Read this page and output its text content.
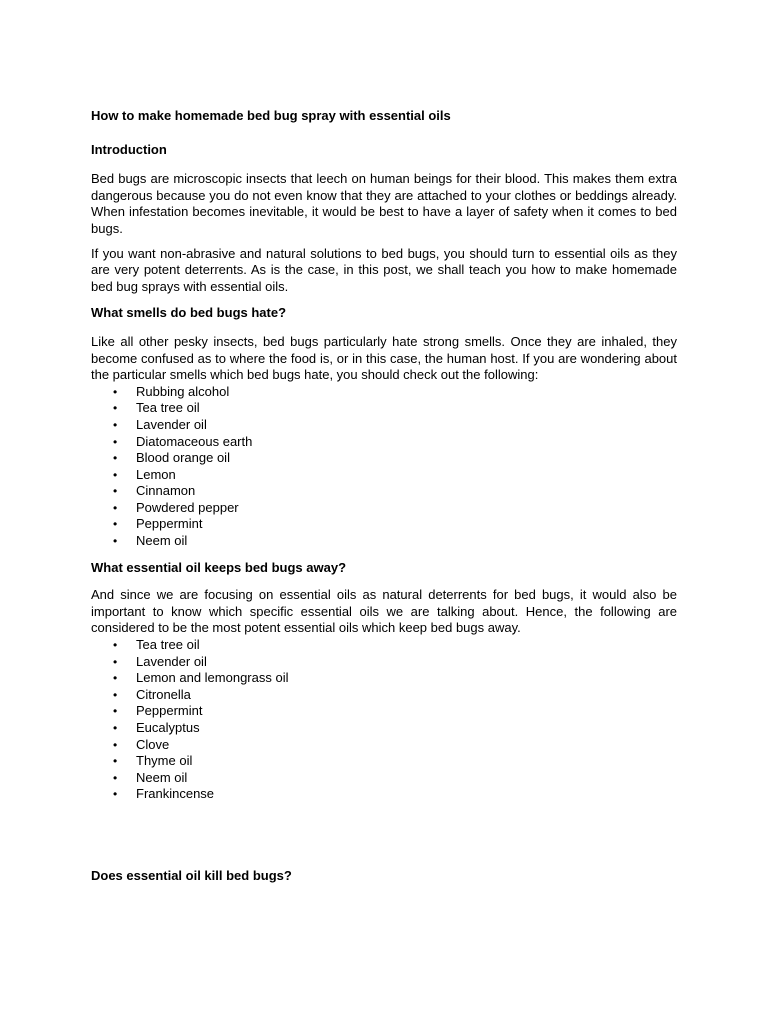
How to make homemade bed bug spray with essential oils

Introduction

Bed bugs are microscopic insects that leech on human beings for their blood. This makes them extra dangerous because you do not even know that they are attached to your clothes or beddings already. When infestation becomes inevitable, it would be best to have a layer of safety when it comes to bed bugs.

If you want non-abrasive and natural solutions to bed bugs, you should turn to essential oils as they are very potent deterrents. As is the case, in this post, we shall teach you how to make homemade bed bug sprays with essential oils.

What smells do bed bugs hate?

Like all other pesky insects, bed bugs particularly hate strong smells. Once they are inhaled, they become confused as to where the food is, or in this case, the human host. If you are wondering about the particular smells which bed bugs hate, you should check out the following:

• Rubbing alcohol
• Tea tree oil
• Lavender oil
• Diatomaceous earth
• Blood orange oil
• Lemon
• Cinnamon
• Powdered pepper
• Peppermint
• Neem oil

What essential oil keeps bed bugs away?

And since we are focusing on essential oils as natural deterrents for bed bugs, it would also be important to know which specific essential oils we are talking about. Hence, the following are considered to be the most potent essential oils which keep bed bugs away.

• Tea tree oil
• Lavender oil
• Lemon and lemongrass oil
• Citronella
• Peppermint
• Eucalyptus
• Clove
• Thyme oil
• Neem oil
• Frankincense

Does essential oil kill bed bugs?
